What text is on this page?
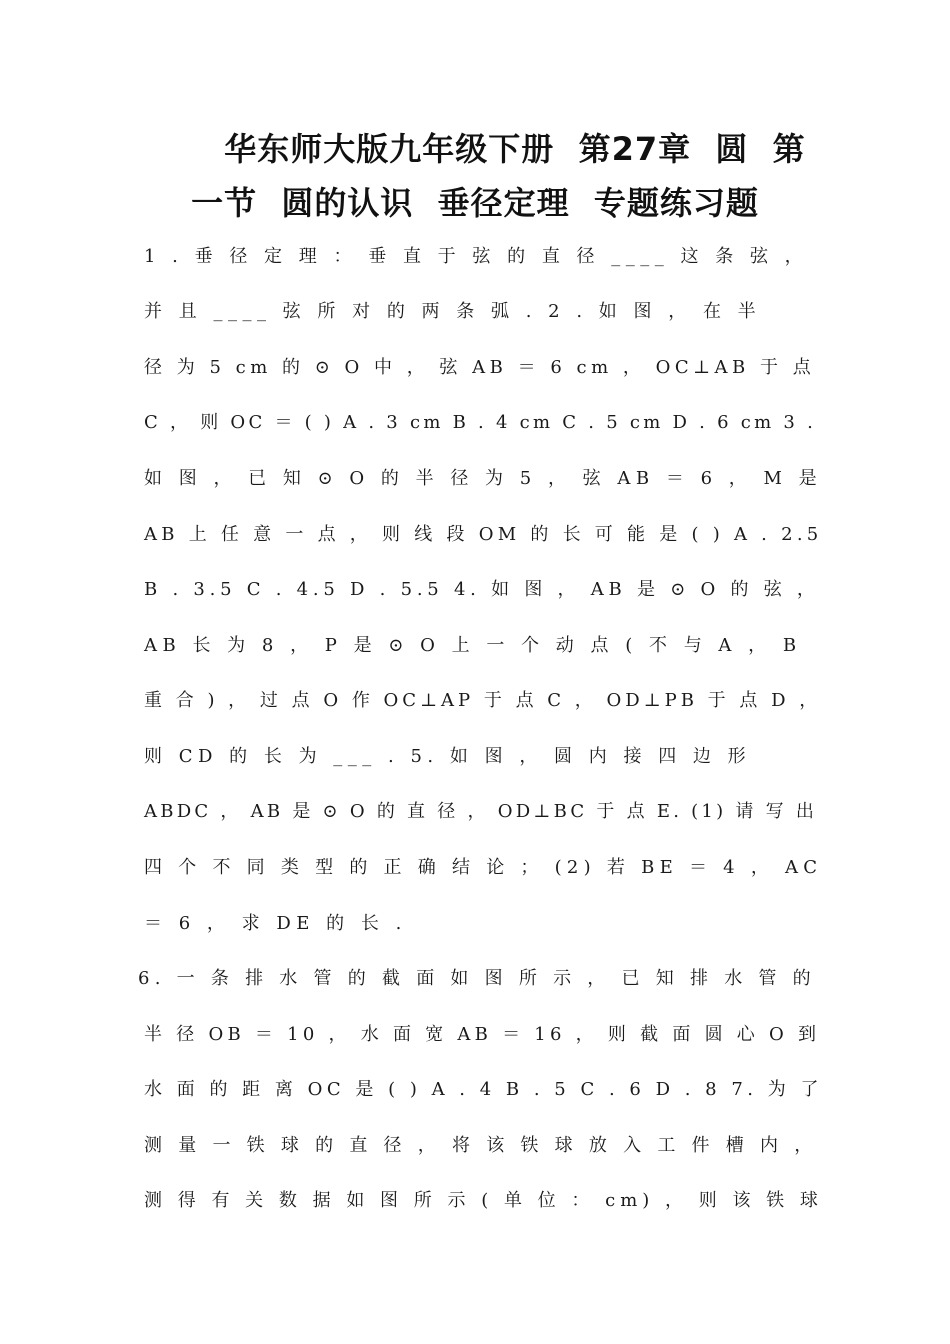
华东师大版九年级下册  第27章  圆  第
一节  圆的认识  垂径定理  专题练习题
1 . 垂 径 定 理 ： 垂 直 于 弦 的 直 径 ____ 这 条 弦 ，
并 且 ____ 弦 所 对 的 两 条 弧 . 2 . 如 图 ， 在 半
径 为 5 cm 的 ⊙ O 中 ， 弦 AB ＝ 6 cm ， OC⊥AB 于 点
C ， 则 OC ＝ ( ) A . 3 cm B . 4 cm C . 5 cm D . 6 cm 3 .
如 图 ， 已 知 ⊙ O 的 半 径 为 5 ， 弦 AB ＝ 6 ， M 是
AB 上 任 意 一 点 ， 则 线 段 OM 的 长 可 能 是 ( ) A . 2.5
B . 3.5 C . 4.5 D . 5.5 4. 如 图 ， AB 是 ⊙ O 的 弦 ，
AB 长 为 8 ， P 是 ⊙ O 上 一 个 动 点 ( 不 与 A ， B
重 合 ) ， 过 点 O 作 OC⊥AP 于 点 C ， OD⊥PB 于 点 D ，
则 CD 的 长 为 ___ . 5. 如 图 ， 圆 内 接 四 边 形
ABDC ， AB 是 ⊙ O 的 直 径 ， OD⊥BC 于 点 E. (1) 请 写 出
四 个 不 同 类 型 的 正 确 结 论 ； (2) 若 BE ＝ 4 ， AC
＝ 6 ， 求 DE 的 长 .
6. 一 条 排 水 管 的 截 面 如 图 所 示 ， 已 知 排 水 管 的
半 径 OB ＝ 10 ， 水 面 宽 AB ＝ 16 ， 则 截 面 圆 心 O 到
水 面 的 距 离 OC 是 ( ) A . 4 B . 5 C . 6 D . 8 7. 为 了
测 量 一 铁 球 的 直 径 ， 将 该 铁 球 放 入 工 件 槽 内 ，
测 得 有 关 数 据 如 图 所 示 ( 单 位 ： cm) ， 则 该 铁 球
